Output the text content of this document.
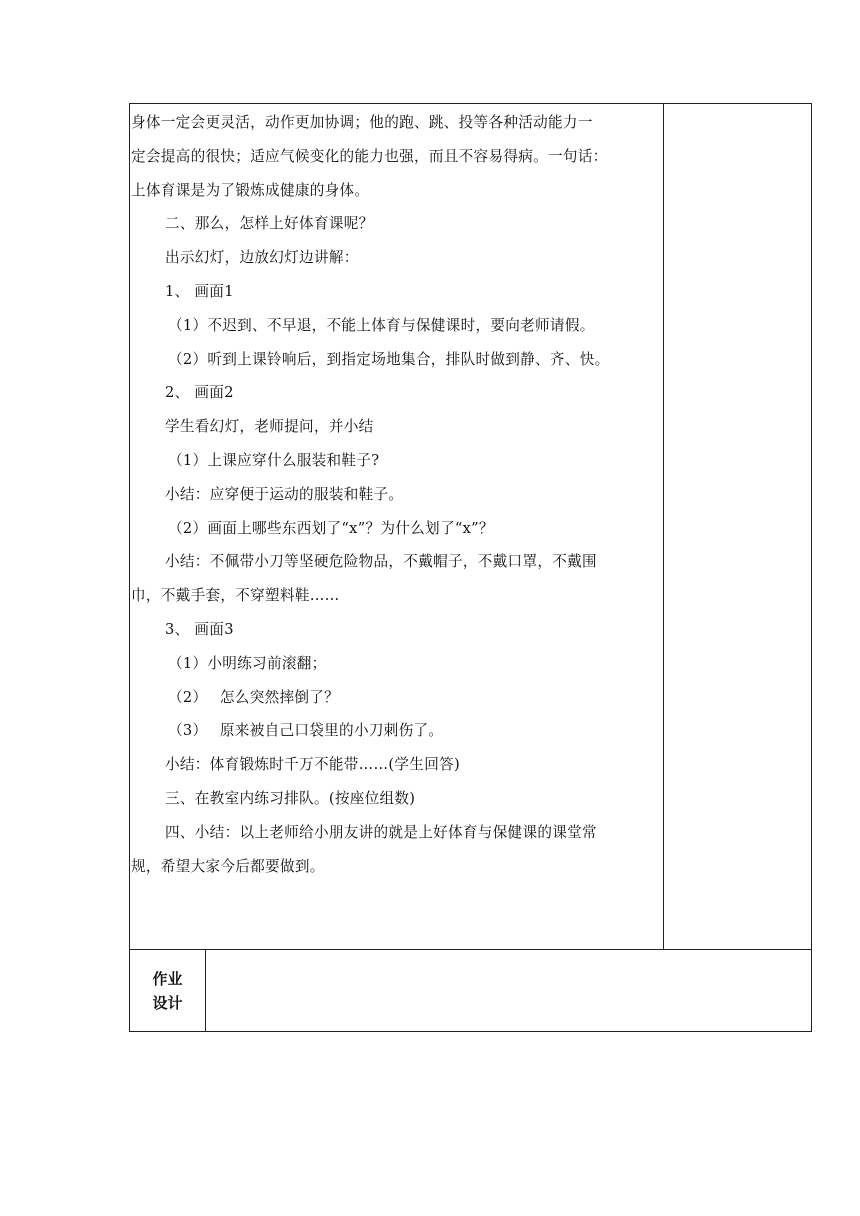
身体一定会更灵活，动作更加协调；他的跑、跳、投等各种活动能力一

定会提高的很快；适应气候变化的能力也强，而且不容易得病。一句话：

上体育课是为了锻炼成健康的身体。

二、那么，怎样上好体育课呢？

出示幻灯，边放幻灯边讲解：

1、 画面1

（1）不迟到、不早退，不能上体育与保健课时，要向老师请假。

（2）听到上课铃响后，到指定场地集合，排队时做到静、齐、快。

2、 画面2

学生看幻灯，老师提问，并小结

（1）上课应穿什么服装和鞋子?

小结：应穿便于运动的服装和鞋子。

（2）画面上哪些东西划了“x”？为什么划了“x”？

小结：不佩带小刀等坚硬危险物品，不戴帽子，不戴口罩，不戴围

巾，不戴手套，不穿塑料鞋……

3、 画面3

（1）小明练习前滚翻；

（2）　 怎么突然摔倒了？

（3）　 原来被自己口袋里的小刀刺伤了。

小结：体育锻炼时千万不能带……(学生回答)

三、在教室内练习排队。(按座位组数)

四、小结：以上老师给小朋友讲的就是上好体育与保健课的课堂常

规，希望大家今后都要做到。

作业
设计
